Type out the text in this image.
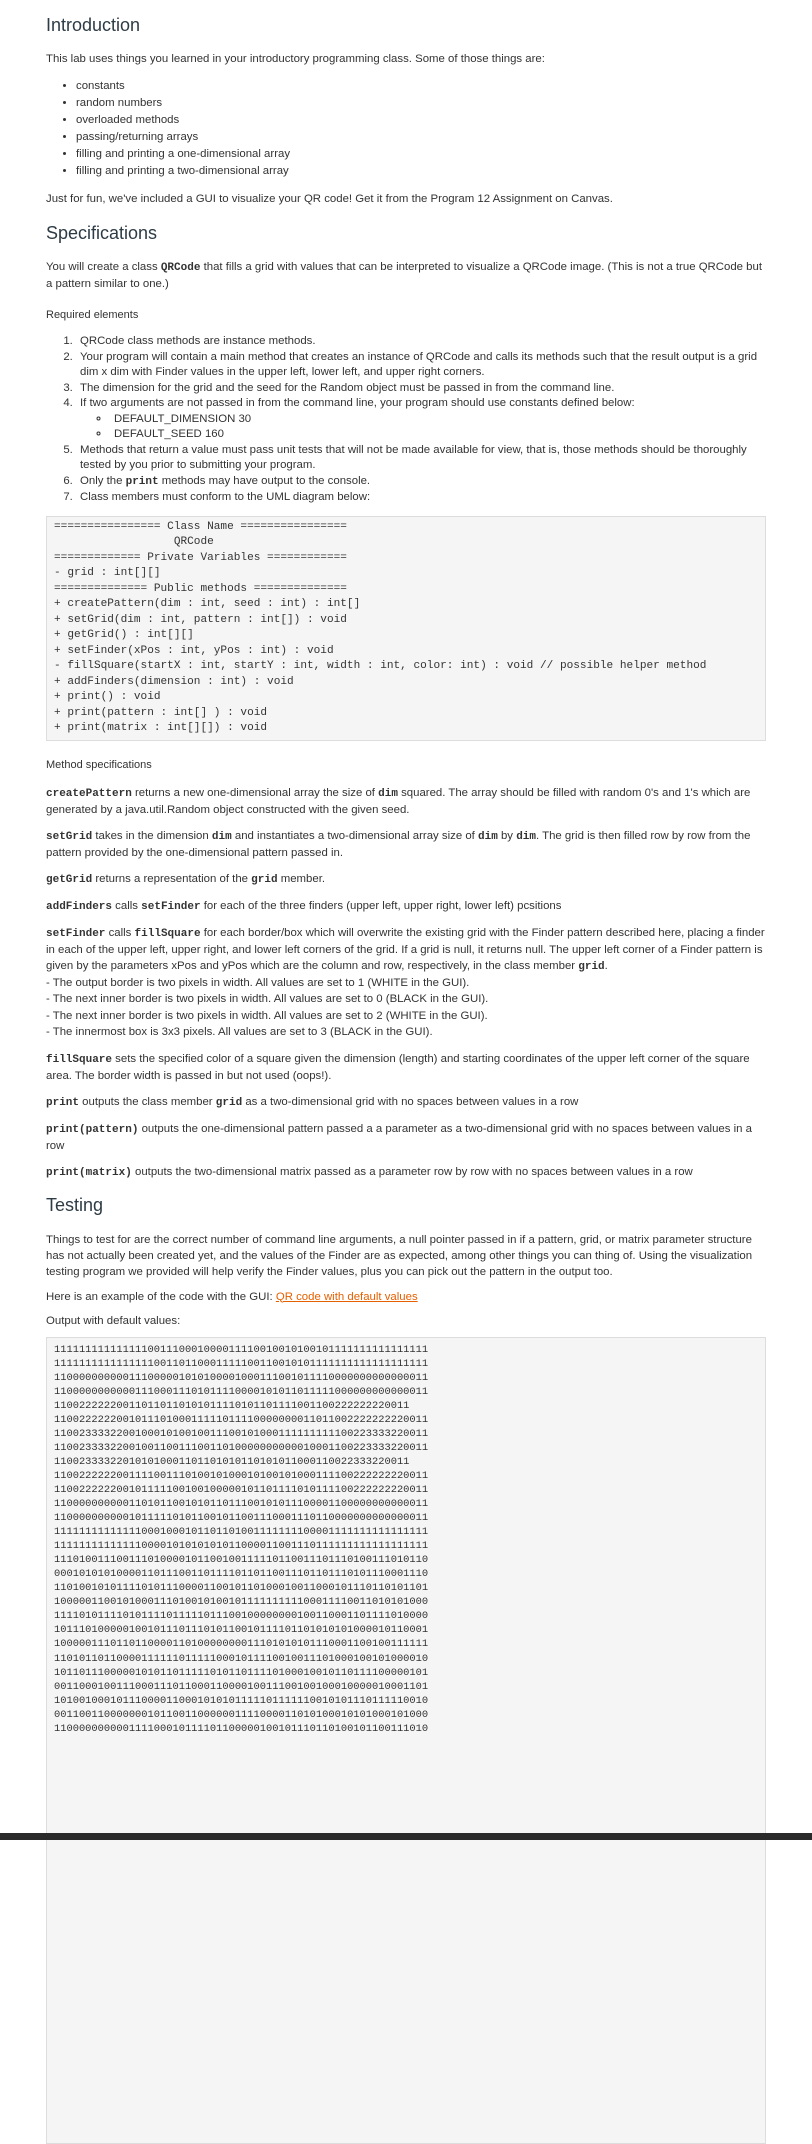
Introduction

This lab uses things you learned in your introductory programming class. Some of those things are:

• constants
• random numbers
• overloaded methods
• passing/returning arrays
• filling and printing a one-dimensional array
• filling and printing a two-dimensional array

Just for fun, we've included a GUI to visualize your QR code! Get it from the Program 12 Assignment on Canvas.

Specifications

You will create a class QRCode that fills a grid with values that can be interpreted to visualize a QRCode image. (This is not a true QRCode but a pattern similar to one.)

Required elements
1. QRCode class methods are instance methods.
2. Your program will contain a main method that creates an instance of QRCode and calls its methods such that the result output is a grid dim x dim with Finder values in the upper left, lower left, and upper right corners.
3. The dimension for the grid and the seed for the Random object must be passed in from the command line.
4. If two arguments are not passed in from the command line, your program should use constants defined below:
◦ DEFAULT_DIMENSION 30
◦ DEFAULT_SEED 160
5. Methods that return a value must pass unit tests that will not be made available for view, that is, those methods should be thoroughly tested by you prior to submitting your program.
6. Only the print methods may have output to the console.
7. Class members must conform to the UML diagram below:
================ Class Name ================
QRCode
============= Private Variables ============
- grid : int[][]
============== Public methods ==============
+ createPattern(dim : int, seed : int) : int[]
+ setGrid(dim : int, pattern : int[]) : void
+ getGrid() : int[][]
+ setFinder(xPos : int, yPos : int) : void
- fillSquare(startX : int, startY : int, width : int, color: int) : void // possible helper method
+ addFinders(dimension : int) : void
+ print() : void
+ print(pattern : int[] ) : void
+ print(matrix : int[][]) : void
Method specifications

createPattern returns a new one-dimensional array the size of dim squared. The array should be filled with random 0's and 1's which are generated by a java.util.Random object constructed with the given seed.

setGrid takes in the dimension dim and instantiates a two-dimensional array size of dim by dim. The grid is then filled row by row from the pattern provided by the one-dimensional pattern passed in.

getGrid returns a representation of the grid member.

addFinders calls setFinder for each of the three finders (upper left, upper right, lower left) pcsitions

setFinder calls fillSquare for each border/box which will overwrite the existing grid with the Finder pattern described here, placing a finder in each of the upper left, upper right, and lower left corners of the grid. If a grid is null, it returns null. The upper left corner of a Finder pattern is given by the parameters xPos and yPos which are the column and row, respectively, in the class member grid.
- The output border is two pixels in width. All values are set to 1 (WHITE in the GUI).
- The next inner border is two pixels in width. All values are set to 0 (BLACK in the GUI).
- The next inner border is two pixels in width. All values are set to 2 (WHITE in the GUI).
- The innermost box is 3x3 pixels. All values are set to 3 (BLACK in the GUI).

fillSquare sets the specified color of a square given the dimension (length) and starting coordinates of the upper left corner of the square area. The border width is passed in but not used (oops!).

print outputs the class member grid as a two-dimensional grid with no spaces between values in a row

print(pattern) outputs the one-dimensional pattern passed a a parameter as a two-dimensional grid with no spaces between values in a row

print(matrix) outputs the two-dimensional matrix passed as a parameter row by row with no spaces between values in a row

Testing

Things to test for are the correct number of command line arguments, a null pointer passed in if a pattern, grid, or matrix parameter structure has not actually been created yet, and the values of the Finder are as expected, among other things you can thing of. Using the visualization testing program we provided will help verify the Finder values, plus you can pick out the pattern in the output too.

Here is an example of the code with the GUI: QR code with default values

Output with default values:

111111111111111001110001000011110010010100101111111111111111
111111111111111100110110001111100110010101111111111111111111
110000000000111000001010100001000111001011110000000000000011
110000000000011100011101011110000101011011111000000000000011
110022222200110110110101011110101101111001100222222220011
110022222200101110100011111011110000000011011002222222220011
110023333220010001010010011100101000111111111100223333220011
110023333220010011001110011010000000000010001100223333220011
110023333220101010001101101010110101011000110022333220011
110022222200111100111010010100010100101000111100222222220011
110022222200101111100100100000101101111010111100222222220011
110000000000110101100101011011100101011100001100000000000011
110000000000101111101011001011001110001110110000000000000011
111111111111110001000101101101001111111100001111111111111111
111111111111110000101010101011000011001110111111111111111111
111010011100111010000101100100111110110011101110100111010110
000101010100001101110011011110110110011101101110101110001110
110100101011110101110000110010110100010011000101110110101101
100000110010100011101001010010111111111100011110011010101000
111101011110101111011111011100100000000100110001101111010000
101110100000100101110111010110010111101101010101000010110001
100000111011011000011010000000011101010101110001100100111111
110101101100001111110111110001011110010011101000100101000010
101101110000010101101111101011011110100010010110111100000101
001100010011100011101100011000010011100100100010000010001101
101001000101110000110001010101111101111110010101110111110010
001100110000000101100110000001111000011010100010101000101000
110000000000111100010111101100000100101110110100101100111010
